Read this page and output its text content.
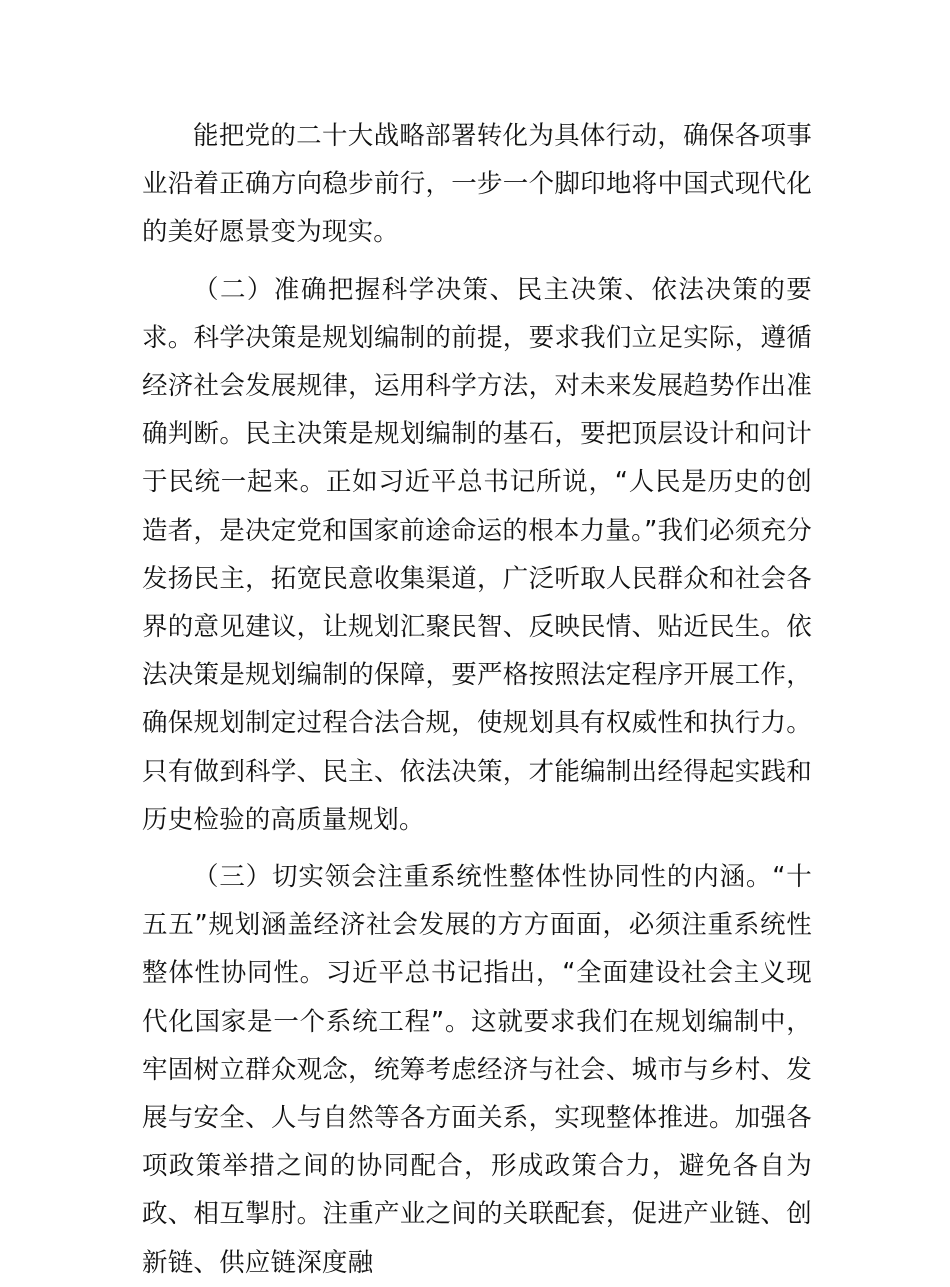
能把党的二十大战略部署转化为具体行动，确保各项事业沿着正确方向稳步前行，一步一个脚印地将中国式现代化的美好愿景变为现实。

（二）准确把握科学决策、民主决策、依法决策的要求。科学决策是规划编制的前提，要求我们立足实际，遵循经济社会发展规律，运用科学方法，对未来发展趋势作出准确判断。民主决策是规划编制的基石，要把顶层设计和问计于民统一起来。正如习近平总书记所说，“人民是历史的创造者，是决定党和国家前途命运的根本力量。”我们必须充分发扬民主，拓宽民意收集渠道，广泛听取人民群众和社会各界的意见建议，让规划汇聚民智、反映民情、贴近民生。依法决策是规划编制的保障，要严格按照法定程序开展工作，确保规划制定过程合法合规，使规划具有权威性和执行力。只有做到科学、民主、依法决策，才能编制出经得起实践和历史检验的高质量规划。

（三）切实领会注重系统性整体性协同性的内涵。“十五五”规划涵盖经济社会发展的方方面面，必须注重系统性整体性协同性。习近平总书记指出，“全面建设社会主义现代化国家是一个系统工程”。这就要求我们在规划编制中，牢固树立群众观念，统筹考虑经济与社会、城市与乡村、发展与安全、人与自然等各方面关系，实现整体推进。加强各项政策举措之间的协同配合，形成政策合力，避免各自为政、相互掣肘。注重产业之间的关联配套，促进产业链、创新链、供应链深度融
